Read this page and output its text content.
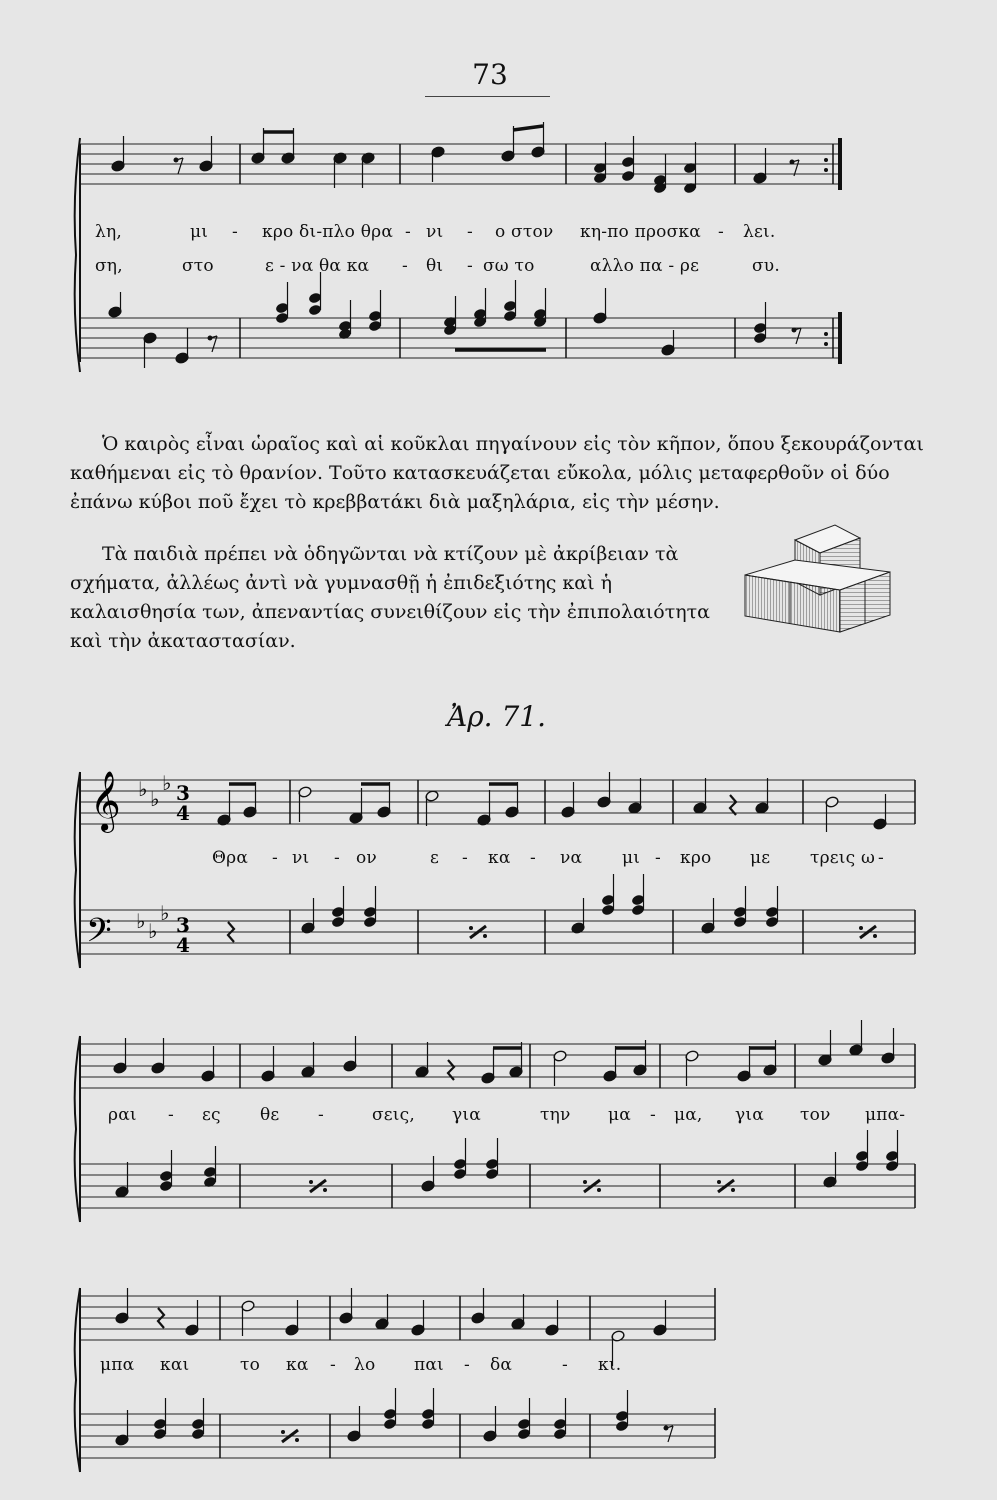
73
𝄞
𝄢
♭ ♭
♭
♭ ♭
♭
3
4
3
4
λη,	μι - κρο δι-πλο θρα - νι - ο στον κη-πο προσκα - λει.
ση,	στο	ε - να θα κα - θι - σω το	αλλο πα - ρε	συ.

Ὁ καιρὸς εἶναι ὡραῖος καὶ αἱ κοῦκλαι πηγαίνουν εἰς τὸν κῆπον, ὅπου ξεκουράζονται καθήμεναι εἰς τὸ θρανίον. Τοῦτο κατασκευάζεται εὔκολα, μόλις μεταφερθοῦν οἱ δύο ἐπάνω κύβοι ποῦ ἔχει τὸ κρεββατάκι διὰ μαξηλάρια, εἰς τὴν μέσην.

Τὰ παιδιὰ πρέπει νὰ ὁδηγῶνται νὰ κτίζουν μὲ ἀκρίβειαν τὰ σχήματα, ἀλλέως ἀντὶ νὰ γυμνασθῇ ἡ ἐπιδεξιότης καὶ ἡ καλαισθησία των, ἀπεναντίας συνειθίζουν εἰς τὴν ἐπιπολαιότητα καὶ τὴν ἀκαταστασίαν.

Ἀρ. 71.
Θρα - νι - ον	ε - κα - να μι - κρο με τρεις ω -
ραι - ες θε -	σεις, για	την μα - μα, για τον μπα-
μπα και	το κα - λο παι - δα	- κι.
